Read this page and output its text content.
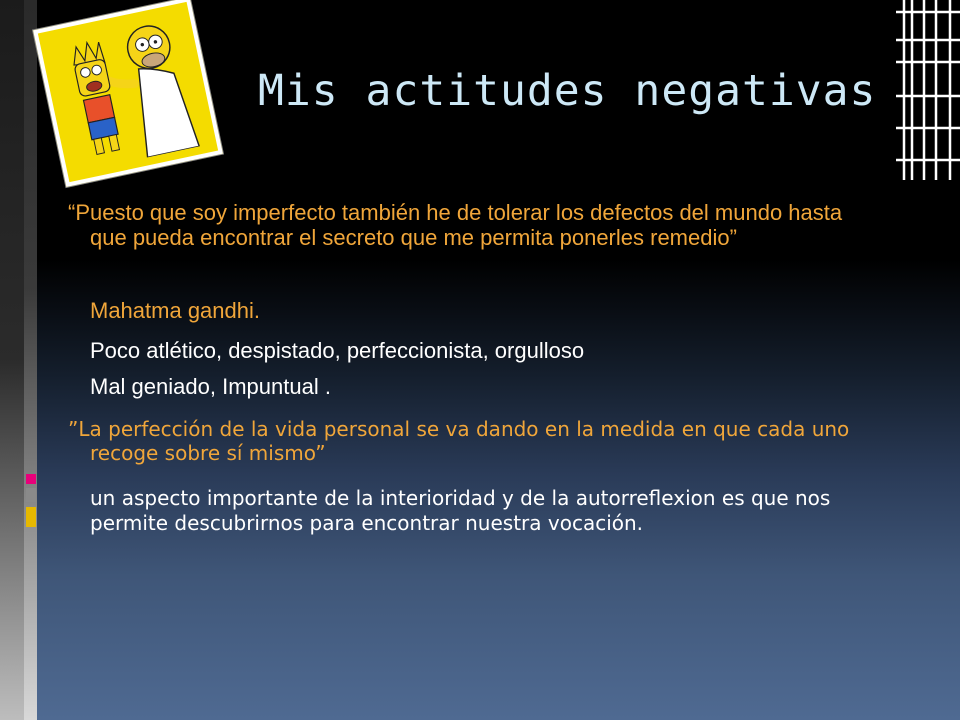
Mis actitudes negativas
“Puesto que soy imperfecto también he de tolerar los defectos del mundo hasta que pueda encontrar el secreto que me permita ponerles remedio”
Mahatma gandhi.
Poco atlético, despistado, perfeccionista, orgulloso
Mal geniado, Impuntual .
”La perfección de la vida personal se va dando en la medida en que cada uno recoge sobre sí mismo”
un aspecto importante de la interioridad y de la autorreflexion es que nos permite descubrirnos para encontrar nuestra vocación.
